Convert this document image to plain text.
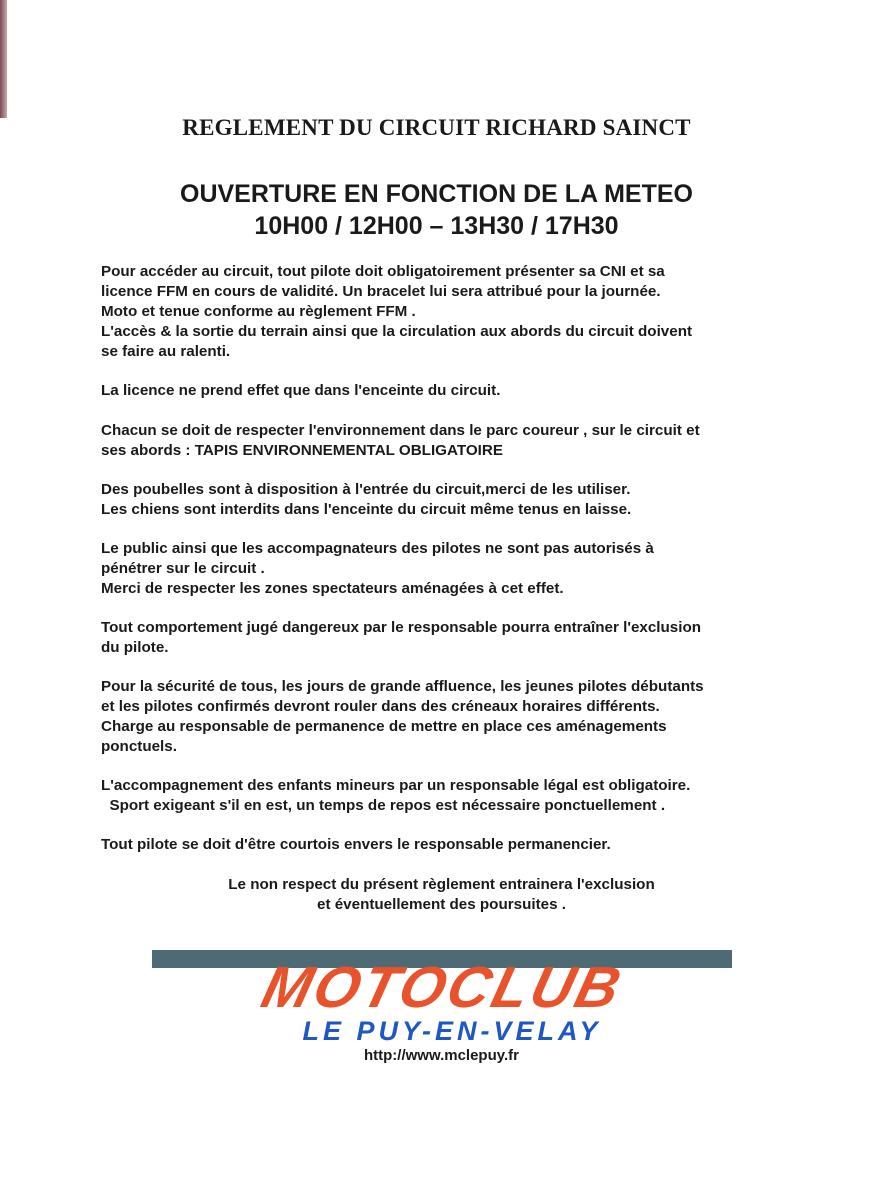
REGLEMENT DU CIRCUIT RICHARD SAINCT
OUVERTURE EN FONCTION DE LA METEO
10H00 / 12H00 – 13H30 / 17H30
Pour accéder au circuit, tout pilote doit obligatoirement présenter sa CNI et sa
licence FFM en cours de validité. Un bracelet lui sera attribué pour la journée.
Moto et tenue conforme au règlement FFM .
L'accès & la sortie du terrain ainsi que la circulation aux abords du circuit doivent
se faire au ralenti.
La licence ne prend effet que dans l'enceinte du circuit.
Chacun se doit de respecter l'environnement dans le parc coureur , sur le circuit et
ses abords : TAPIS ENVIRONNEMENTAL OBLIGATOIRE
Des poubelles sont à disposition à l'entrée du circuit,merci de les utiliser.
Les chiens sont interdits dans l'enceinte du circuit même tenus en laisse.
Le public ainsi que les accompagnateurs des pilotes ne sont pas autorisés à
pénétrer sur le circuit .
Merci de respecter les zones spectateurs aménagées à cet effet.
Tout comportement jugé dangereux par le responsable pourra entraîner l'exclusion
du pilote.
Pour la sécurité de tous, les jours de grande affluence, les jeunes pilotes débutants
et les pilotes confirmés devront rouler dans des créneaux horaires différents.
Charge au responsable de permanence de mettre en place ces aménagements
ponctuels.
L'accompagnement des enfants mineurs par un responsable légal est obligatoire.
Sport exigeant s'il en est, un temps de repos est nécessaire ponctuellement .
Tout pilote se doit d'être courtois envers le responsable permanencier.
Le non respect du présent règlement entrainera l'exclusion
et éventuellement des poursuites .
MOTOCLUB
LE PUY-EN-VELAY
http://www.mclepuy.fr
